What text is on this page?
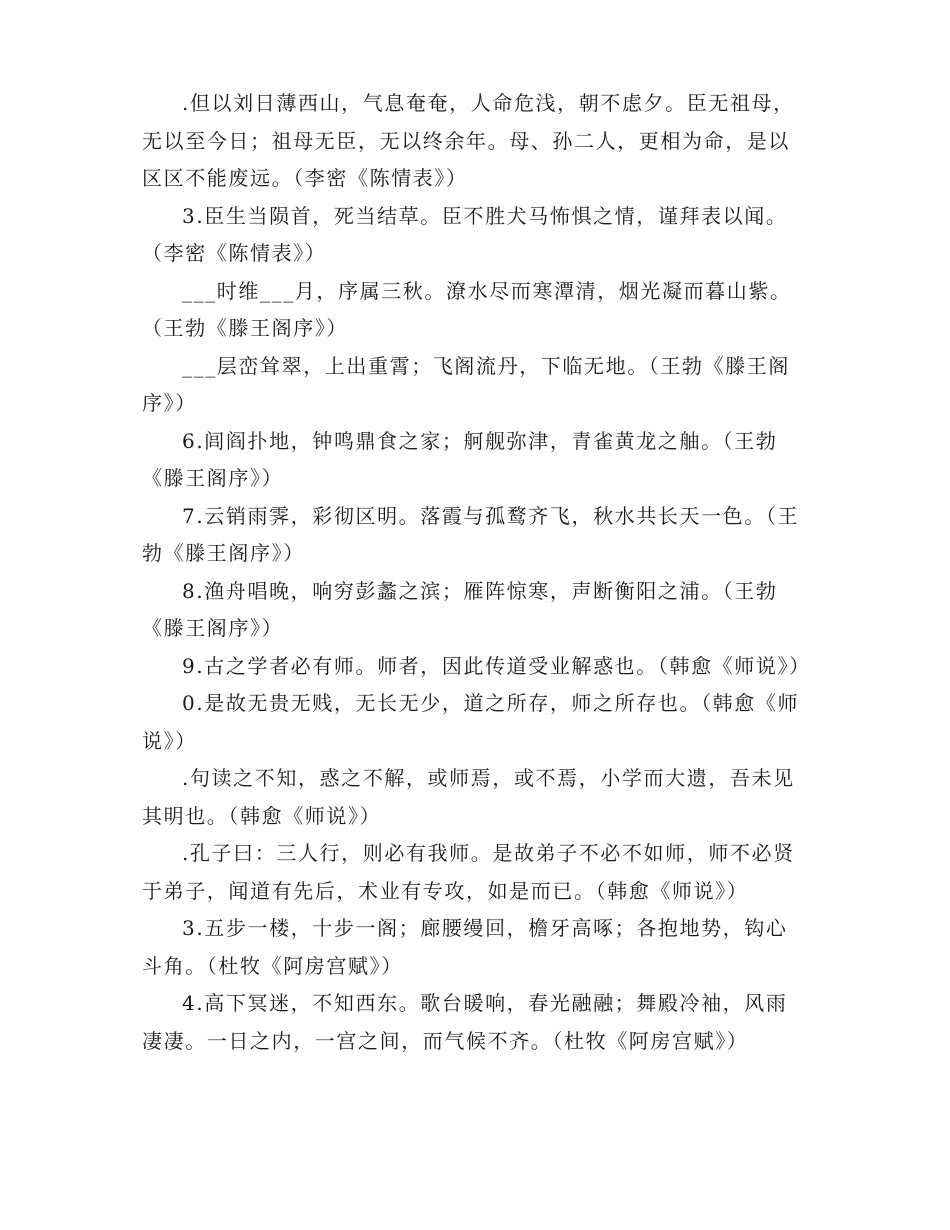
.但以刘日薄西山，气息奄奄，人命危浅，朝不虑夕。臣无祖母，无以至今日；祖母无臣，无以终余年。母、孙二人，更相为命，是以区区不能废远。（李密《陈情表》）

3.臣生当陨首，死当结草。臣不胜犬马怖惧之情，谨拜表以闻。（李密《陈情表》）

___时维___月，序属三秋。潦水尽而寒潭清，烟光凝而暮山紫。（王勃《滕王阁序》）

___层峦耸翠，上出重霄；飞阁流丹，下临无地。（王勃《滕王阁序》）

6.闾阎扑地，钟鸣鼎食之家；舸舰弥津，青雀黄龙之舳。（王勃《滕王阁序》）

7.云销雨霁，彩彻区明。落霞与孤鹜齐飞，秋水共长天一色。（王勃《滕王阁序》）

8.渔舟唱晚，响穷彭蠡之滨；雁阵惊寒，声断衡阳之浦。（王勃《滕王阁序》）

9.古之学者必有师。师者，因此传道受业解惑也。（韩愈《师说》）

0.是故无贵无贱，无长无少，道之所存，师之所存也。（韩愈《师说》）

.句读之不知，惑之不解，或师焉，或不焉，小学而大遗，吾未见其明也。（韩愈《师说》）

.孔子曰：三人行，则必有我师。是故弟子不必不如师，师不必贤于弟子，闻道有先后，术业有专攻，如是而已。（韩愈《师说》）

3.五步一楼，十步一阁；廊腰缦回，檐牙高啄；各抱地势，钩心斗角。（杜牧《阿房宫赋》）

4.高下冥迷，不知西东。歌台暖响，春光融融；舞殿冷袖，风雨凄凄。一日之内，一宫之间，而气候不齐。（杜牧《阿房宫赋》）
